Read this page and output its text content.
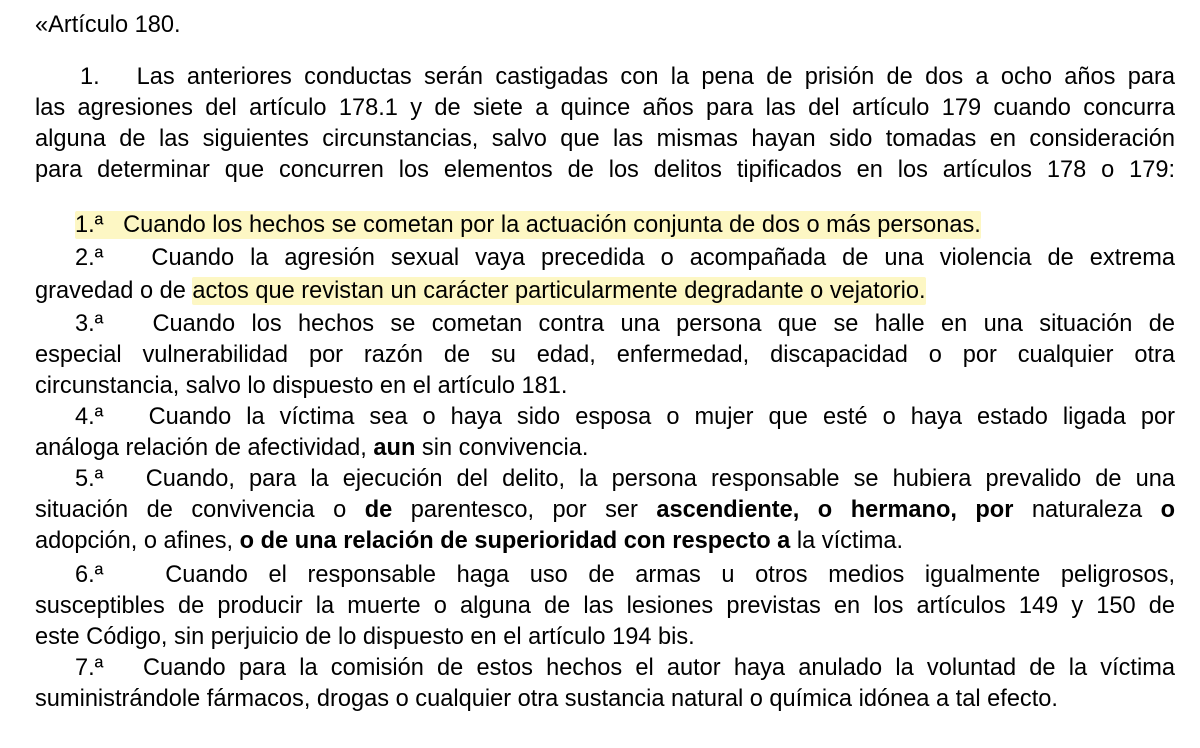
«Artículo 180.

1. Las anteriores conductas serán castigadas con la pena de prisión de dos a ocho años para

las agresiones del artículo 178.1 y de siete a quince años para las del artículo 179 cuando concurra

alguna de las siguientes circunstancias, salvo que las mismas hayan sido tomadas en consideración

para determinar que concurren los elementos de los delitos tipificados en los artículos 178 o 179:

1.ª Cuando los hechos se cometan por la actuación conjunta de dos o más personas.

2.ª Cuando la agresión sexual vaya precedida o acompañada de una violencia de extrema

gravedad o de actos que revistan un carácter particularmente degradante o vejatorio.

3.ª Cuando los hechos se cometan contra una persona que se halle en una situación de

especial vulnerabilidad por razón de su edad, enfermedad, discapacidad o por cualquier otra

circunstancia, salvo lo dispuesto en el artículo 181.

4.ª Cuando la víctima sea o haya sido esposa o mujer que esté o haya estado ligada por

análoga relación de afectividad, aun sin convivencia.

5.ª Cuando, para la ejecución del delito, la persona responsable se hubiera prevalido de una

situación de convivencia o de parentesco, por ser ascendiente, o hermano, por naturaleza o

adopción, o afines, o de una relación de superioridad con respecto a la víctima.

6.ª	Cuando el responsable haga uso de armas u otros medios igualmente peligrosos,

susceptibles de producir la muerte o alguna de las lesiones previstas en los artículos 149 y 150 de

este Código, sin perjuicio de lo dispuesto en el artículo 194 bis.

7.ª Cuando para la comisión de estos hechos el autor haya anulado la voluntad de la víctima

suministrándole fármacos, drogas o cualquier otra sustancia natural o química idónea a tal efecto.
